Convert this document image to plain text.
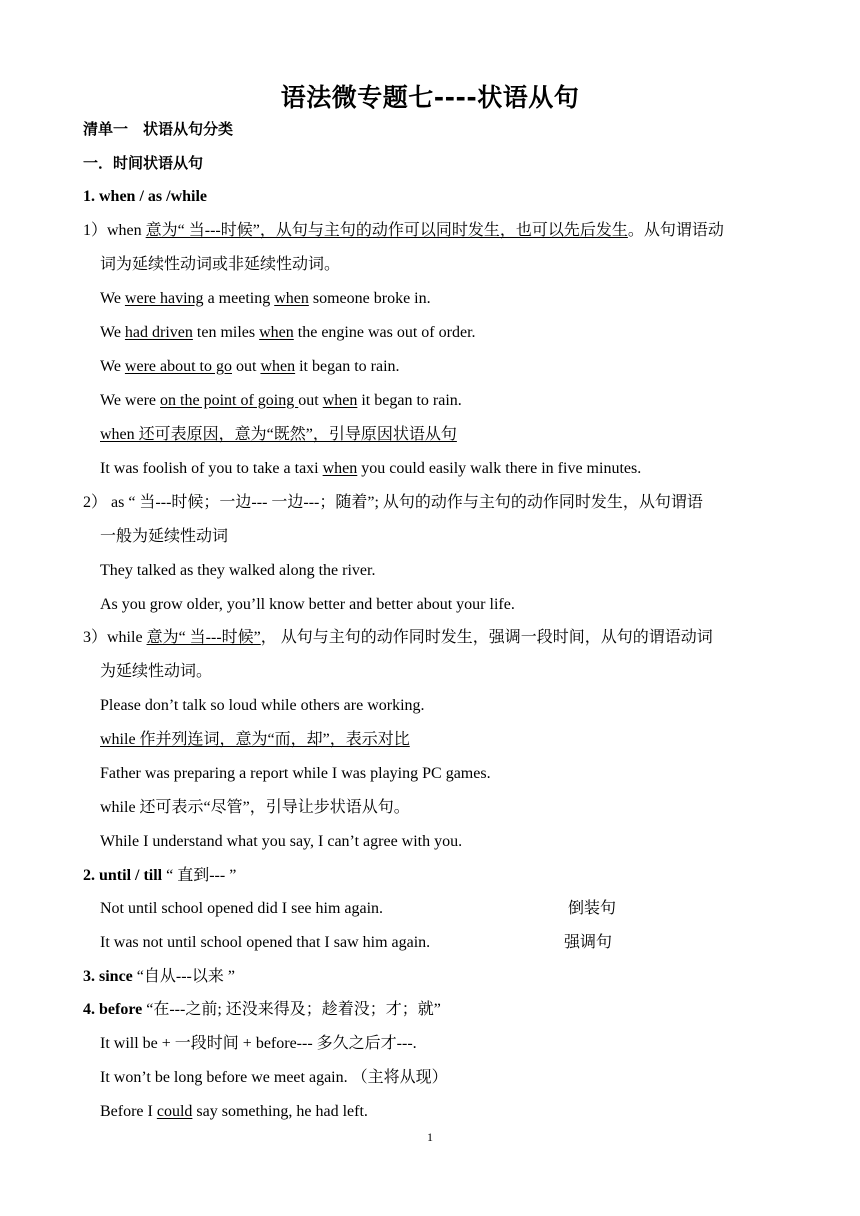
语法微专题七----状语从句
清单一　状语从句分类
一．时间状语从句
1. when / as /while
1）when 意为“ 当---时候”，从句与主句的动作可以同时发生，也可以先后发生。从句谓语动
词为延续性动词或非延续性动词。
We were having a meeting when someone broke in.
We had driven ten miles when the engine was out of order.
We were about to go out when it began to rain.
We were on the point of going out when it began to rain.
when 还可表原因，意为“既然”，引导原因状语从句
It was foolish of you to take a taxi when you could easily walk there in five minutes.
2） as “ 当---时候；一边--- 一边---；随着”; 从句的动作与主句的动作同时发生，从句谓语
一般为延续性动词
They talked as they walked along the river.
As you grow older, you’ll know better and better about your life.
3）while 意为“ 当---时候”， 从句与主句的动作同时发生，强调一段时间，从句的谓语动词
为延续性动词。
Please don’t talk so loud while others are working.
while 作并列连词，意为“而，却”，表示对比
Father was preparing a report while I was playing PC games.
while 还可表示“尽管”，引导让步状语从句。
While I understand what you say, I can’t agree with you.
2. until / till “ 直到--- ”
Not until school opened did I see him again.	倒装句
It was not until school opened that I saw him again.	强调句
3. since “自从---以来 ”
4. before “在---之前; 还没来得及；趁着没；才；就”
It will be + 一段时间 + before--- 多久之后才---.
It won’t be long before we meet again. （主将从现）
Before I could say something, he had left.
1
